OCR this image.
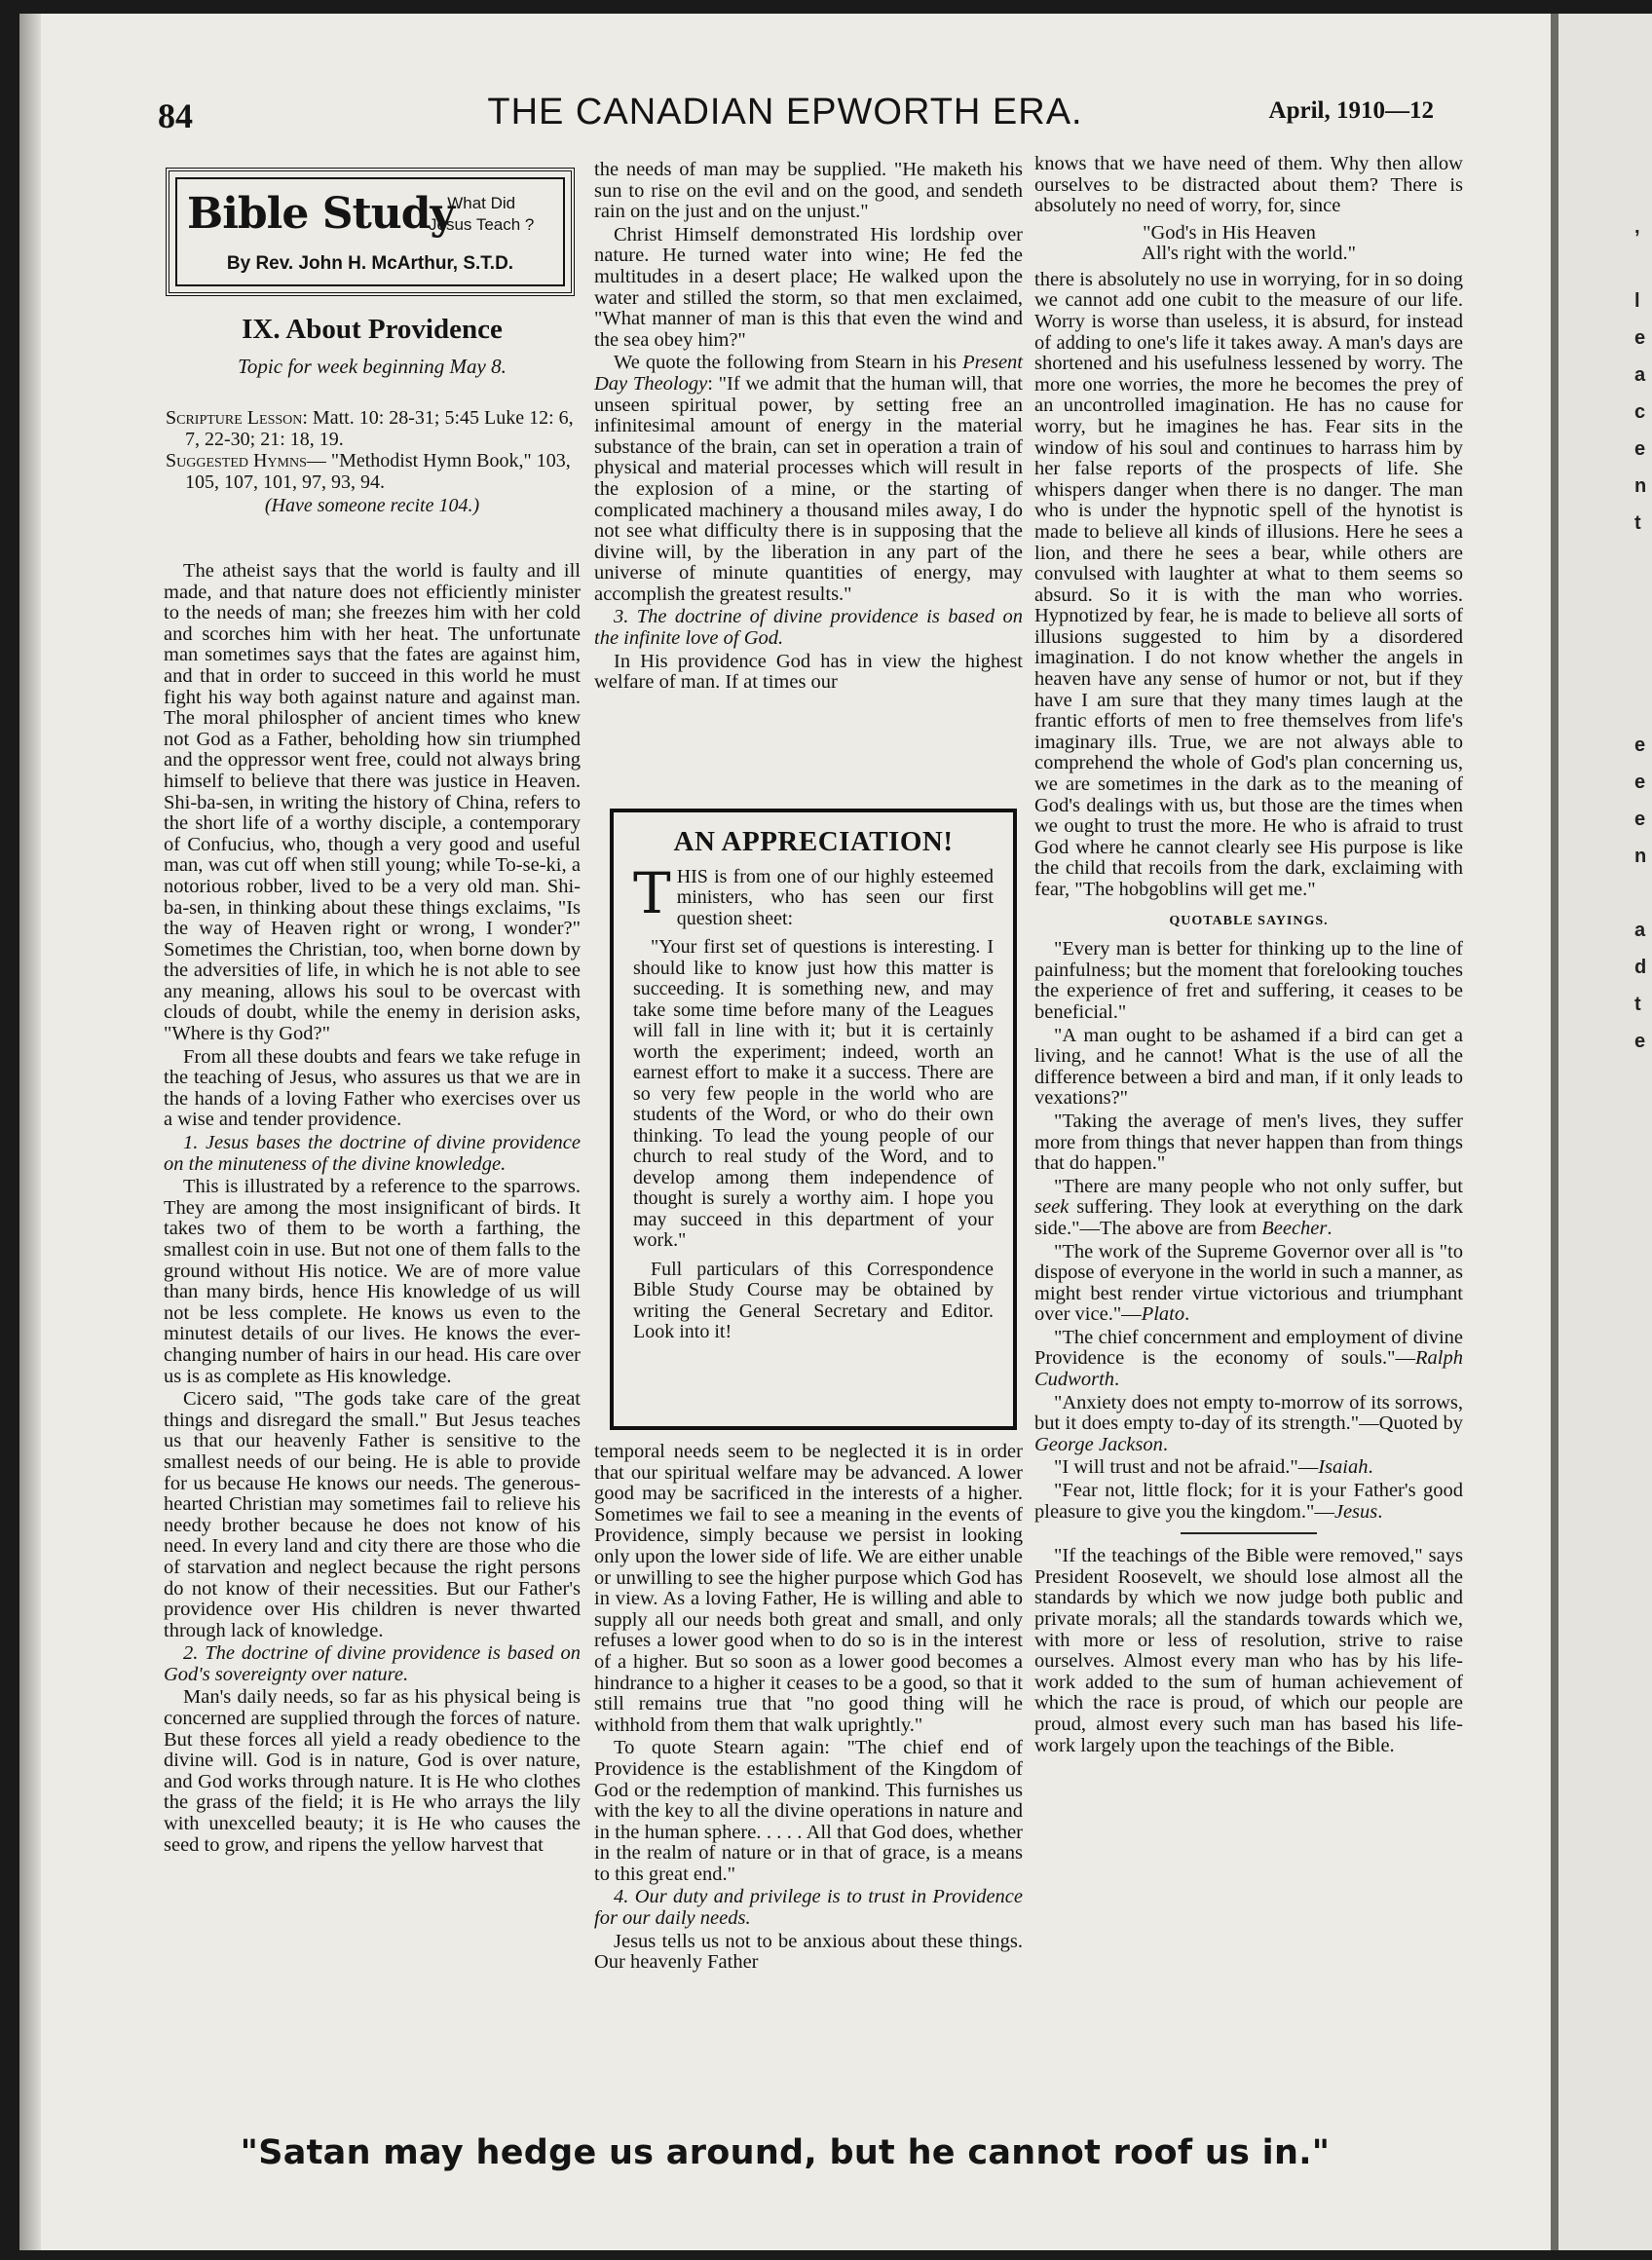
,

l
e
a
c
e
n
t

e
e
e
n

a
d
t
e
84	THE CANADIAN EPWORTH ERA.	April, 1910—12
Bible Study
What Did
Jesus Teach ?
By Rev. John H. McArthur, S.T.D.
IX. About Providence
Topic for week beginning May 8.

Scripture Lesson: Matt. 10: 28-31; 5:45 Luke 12: 6, 7, 22-30; 21: 18, 19.

Suggested Hymns— "Methodist Hymn Book," 103, 105, 107, 101, 97, 93, 94.

(Have someone recite 104.)

The atheist says that the world is faulty and ill made, and that nature does not efficiently minister to the needs of man; she freezes him with her cold and scorches him with her heat. The unfortunate man sometimes says that the fates are against him, and that in order to succeed in this world he must fight his way both against nature and against man. The moral philospher of ancient times who knew not God as a Father, beholding how sin triumphed and the oppressor went free, could not always bring himself to believe that there was justice in Heaven. Shi-ba-sen, in writing the history of China, refers to the short life of a worthy disciple, a contemporary of Confucius, who, though a very good and useful man, was cut off when still young; while To-se-ki, a notorious robber, lived to be a very old man. Shi-ba-sen, in thinking about these things exclaims, "Is the way of Heaven right or wrong, I wonder?" Sometimes the Christian, too, when borne down by the adversities of life, in which he is not able to see any meaning, allows his soul to be overcast with clouds of doubt, while the enemy in derision asks, "Where is thy God?"

From all these doubts and fears we take refuge in the teaching of Jesus, who assures us that we are in the hands of a loving Father who exercises over us a wise and tender providence.

1. Jesus bases the doctrine of divine providence on the minuteness of the divine knowledge.

This is illustrated by a reference to the sparrows. They are among the most insignificant of birds. It takes two of them to be worth a farthing, the smallest coin in use. But not one of them falls to the ground without His notice. We are of more value than many birds, hence His knowledge of us will not be less complete. He knows us even to the minutest details of our lives. He knows the ever-changing number of hairs in our head. His care over us is as complete as His knowledge.

Cicero said, "The gods take care of the great things and disregard the small." But Jesus teaches us that our heavenly Father is sensitive to the smallest needs of our being. He is able to provide for us because He knows our needs. The generous-hearted Christian may sometimes fail to relieve his needy brother because he does not know of his need. In every land and city there are those who die of starvation and neglect because the right persons do not know of their necessities. But our Father's providence over His children is never thwarted through lack of knowledge.

2. The doctrine of divine providence is based on God's sovereignty over nature.

Man's daily needs, so far as his physical being is concerned are supplied through the forces of nature. But these forces all yield a ready obedience to the divine will. God is in nature, God is over nature, and God works through nature. It is He who clothes the grass of the field; it is He who arrays the lily with unexcelled beauty; it is He who causes the seed to grow, and ripens the yellow harvest that

the needs of man may be supplied. "He maketh his sun to rise on the evil and on the good, and sendeth rain on the just and on the unjust."

Christ Himself demonstrated His lordship over nature. He turned water into wine; He fed the multitudes in a desert place; He walked upon the water and stilled the storm, so that men exclaimed, "What manner of man is this that even the wind and the sea obey him?"

We quote the following from Stearn in his Present Day Theology: "If we admit that the human will, that unseen spiritual power, by setting free an infinitesimal amount of energy in the material substance of the brain, can set in operation a train of physical and material processes which will result in the explosion of a mine, or the starting of complicated machinery a thousand miles away, I do not see what difficulty there is in supposing that the divine will, by the liberation in any part of the universe of minute quantities of energy, may accomplish the greatest results."

3. The doctrine of divine providence is based on the infinite love of God.

In His providence God has in view the highest welfare of man. If at times our

AN APPRECIATION!

THIS is from one of our highly esteemed ministers, who has seen our first question sheet:

"Your first set of questions is interesting. I should like to know just how this matter is succeeding. It is something new, and may take some time before many of the Leagues will fall in line with it; but it is certainly worth the experiment; indeed, worth an earnest effort to make it a success. There are so very few people in the world who are students of the Word, or who do their own thinking. To lead the young people of our church to real study of the Word, and to develop among them independence of thought is surely a worthy aim. I hope you may succeed in this department of your work."

Full particulars of this Correspondence Bible Study Course may be obtained by writing the General Secretary and Editor. Look into it!

temporal needs seem to be neglected it is in order that our spiritual welfare may be advanced. A lower good may be sacrificed in the interests of a higher. Sometimes we fail to see a meaning in the events of Providence, simply because we persist in looking only upon the lower side of life. We are either unable or unwilling to see the higher purpose which God has in view. As a loving Father, He is willing and able to supply all our needs both great and small, and only refuses a lower good when to do so is in the interest of a higher. But so soon as a lower good becomes a hindrance to a higher it ceases to be a good, so that it still remains true that "no good thing will he withhold from them that walk uprightly."

To quote Stearn again: "The chief end of Providence is the establishment of the Kingdom of God or the redemption of mankind. This furnishes us with the key to all the divine operations in nature and in the human sphere. . . . . All that God does, whether in the realm of nature or in that of grace, is a means to this great end."

4. Our duty and privilege is to trust in Providence for our daily needs.

Jesus tells us not to be anxious about these things. Our heavenly Father

knows that we have need of them. Why then allow ourselves to be distracted about them? There is absolutely no need of worry, for, since

"God's in His Heaven
All's right with the world."

there is absolutely no use in worrying, for in so doing we cannot add one cubit to the measure of our life. Worry is worse than useless, it is absurd, for instead of adding to one's life it takes away. A man's days are shortened and his usefulness lessened by worry. The more one worries, the more he becomes the prey of an uncontrolled imagination. He has no cause for worry, but he imagines he has. Fear sits in the window of his soul and continues to harrass him by her false reports of the prospects of life. She whispers danger when there is no danger. The man who is under the hypnotic spell of the hynotist is made to believe all kinds of illusions. Here he sees a lion, and there he sees a bear, while others are convulsed with laughter at what to them seems so absurd. So it is with the man who worries. Hypnotized by fear, he is made to believe all sorts of illusions suggested to him by a disordered imagination. I do not know whether the angels in heaven have any sense of humor or not, but if they have I am sure that they many times laugh at the frantic efforts of men to free themselves from life's imaginary ills. True, we are not always able to comprehend the whole of God's plan concerning us, we are sometimes in the dark as to the meaning of God's dealings with us, but those are the times when we ought to trust the more. He who is afraid to trust God where he cannot clearly see His purpose is like the child that recoils from the dark, exclaiming with fear, "The hobgoblins will get me."

QUOTABLE SAYINGS.

"Every man is better for thinking up to the line of painfulness; but the moment that forelooking touches the experience of fret and suffering, it ceases to be beneficial."

"A man ought to be ashamed if a bird can get a living, and he cannot! What is the use of all the difference between a bird and man, if it only leads to vexations?"

"Taking the average of men's lives, they suffer more from things that never happen than from things that do happen."

"There are many people who not only suffer, but seek suffering. They look at everything on the dark side."—The above are from Beecher.

"The work of the Supreme Governor over all is "to dispose of everyone in the world in such a manner, as might best render virtue victorious and triumphant over vice."—Plato.

"The chief concernment and employment of divine Providence is the economy of souls."—Ralph Cudworth.

"Anxiety does not empty to-morrow of its sorrows, but it does empty to-day of its strength."—Quoted by George Jackson.

"I will trust and not be afraid."—Isaiah.

"Fear not, little flock; for it is your Father's good pleasure to give you the kingdom."—Jesus.

"If the teachings of the Bible were removed," says President Roosevelt, we should lose almost all the standards by which we now judge both public and private morals; all the standards towards which we, with more or less of resolution, strive to raise ourselves. Almost every man who has by his life-work added to the sum of human achievement of which the race is proud, of which our people are proud, almost every such man has based his life-work largely upon the teachings of the Bible.

"Satan may hedge us around, but he cannot roof us in."
